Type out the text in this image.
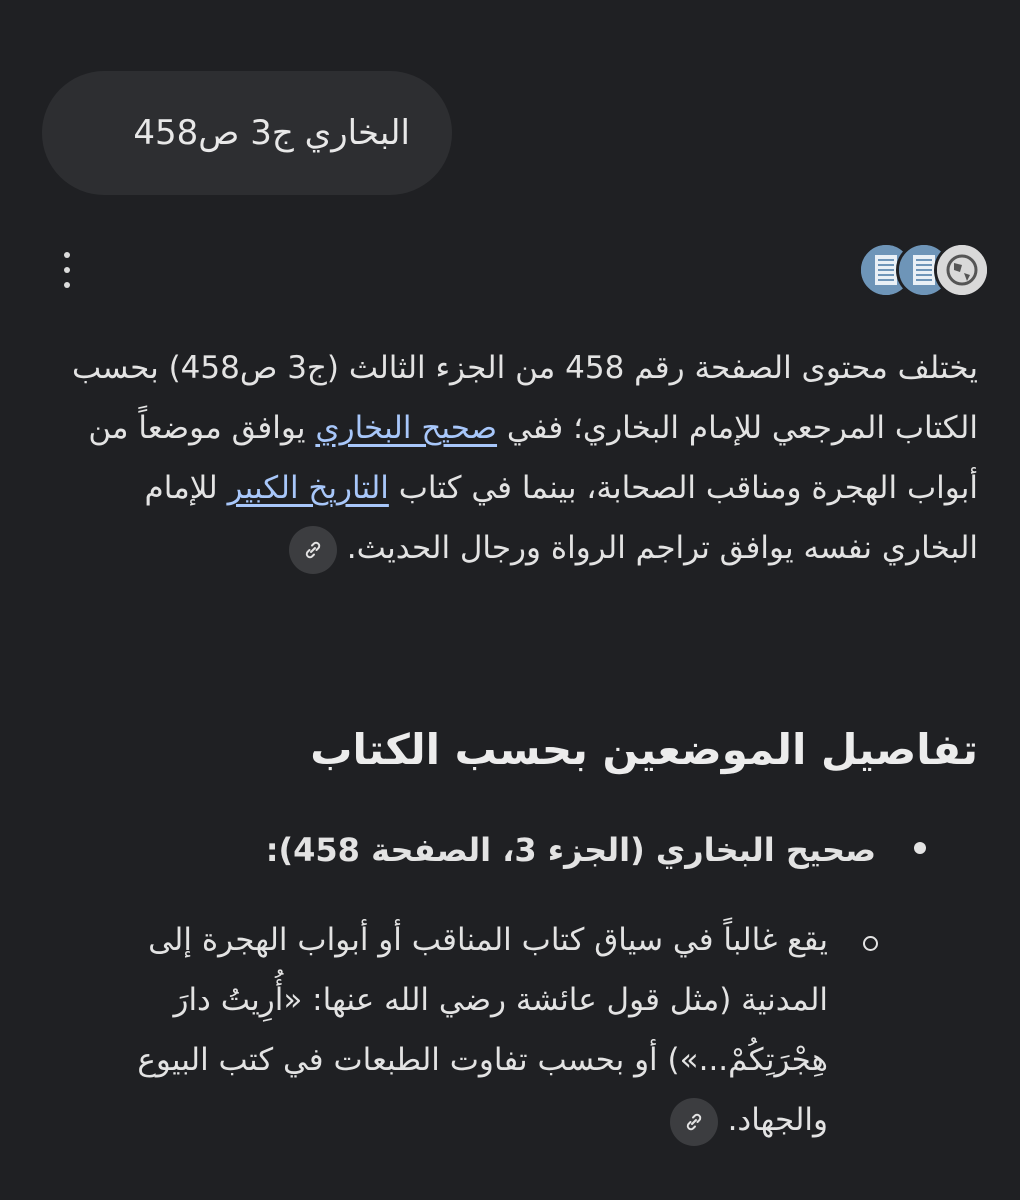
البخاري ج3 ص458
يختلف محتوى الصفحة رقم 458 من الجزء الثالث (ج3 ص458) بحسب الكتاب المرجعي للإمام البخاري؛ ففي صحيح البخاري يوافق موضعاً من أبواب الهجرة ومناقب الصحابة، بينما في كتاب التاريخ الكبير للإمام البخاري نفسه يوافق تراجم الرواة ورجال الحديث.
تفاصيل الموضعين بحسب الكتاب
صحيح البخاري (الجزء 3، الصفحة 458):
يقع غالباً في سياق كتاب المناقب أو أبواب الهجرة إلى المدنية (مثل قول عائشة رضي الله عنها: «أُرِيتُ دارَ هِجْرَتِكُمْ...») أو بحسب تفاوت الطبعات في كتب البيوع والجهاد.
